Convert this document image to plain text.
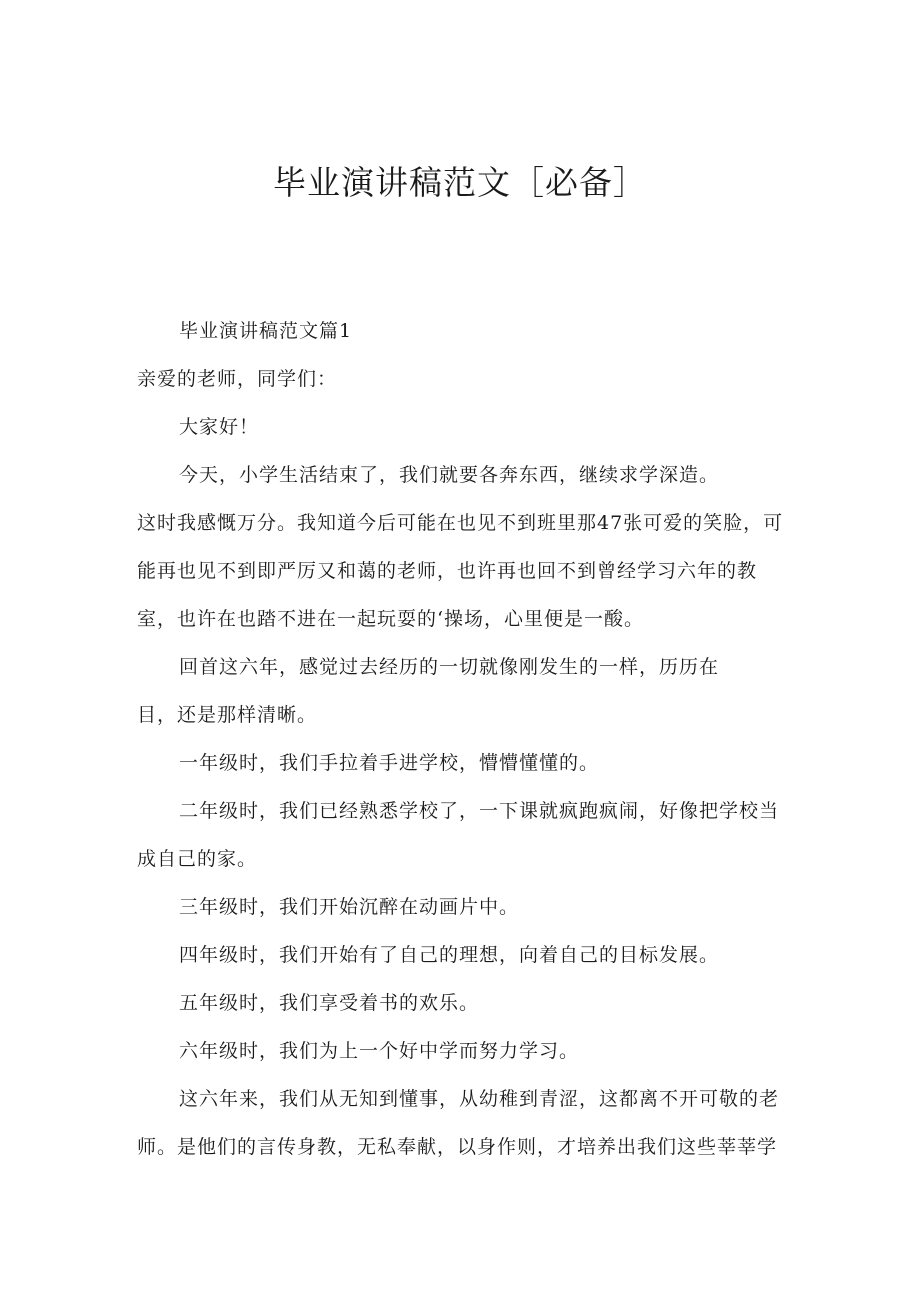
毕业演讲稿范文［必备］
毕业演讲稿范文篇1
亲爱的老师，同学们：
大家好！
今天，小学生活结束了，我们就要各奔东西，继续求学深造。
这时我感慨万分。我知道今后可能在也见不到班里那47张可爱的笑脸，可
能再也见不到即严厉又和蔼的老师，也许再也回不到曾经学习六年的教
室，也许在也踏不进在一起玩耍的‘操场，心里便是一酸。
回首这六年，感觉过去经历的一切就像刚发生的一样，历历在
目，还是那样清晰。
一年级时，我们手拉着手进学校，懵懵懂懂的。
二年级时，我们已经熟悉学校了，一下课就疯跑疯闹，好像把学校当
成自己的家。
三年级时，我们开始沉醉在动画片中。
四年级时，我们开始有了自己的理想，向着自己的目标发展。
五年级时，我们享受着书的欢乐。
六年级时，我们为上一个好中学而努力学习。
这六年来，我们从无知到懂事，从幼稚到青涩，这都离不开可敬的老
师。是他们的言传身教，无私奉献，以身作则，才培养出我们这些莘莘学
